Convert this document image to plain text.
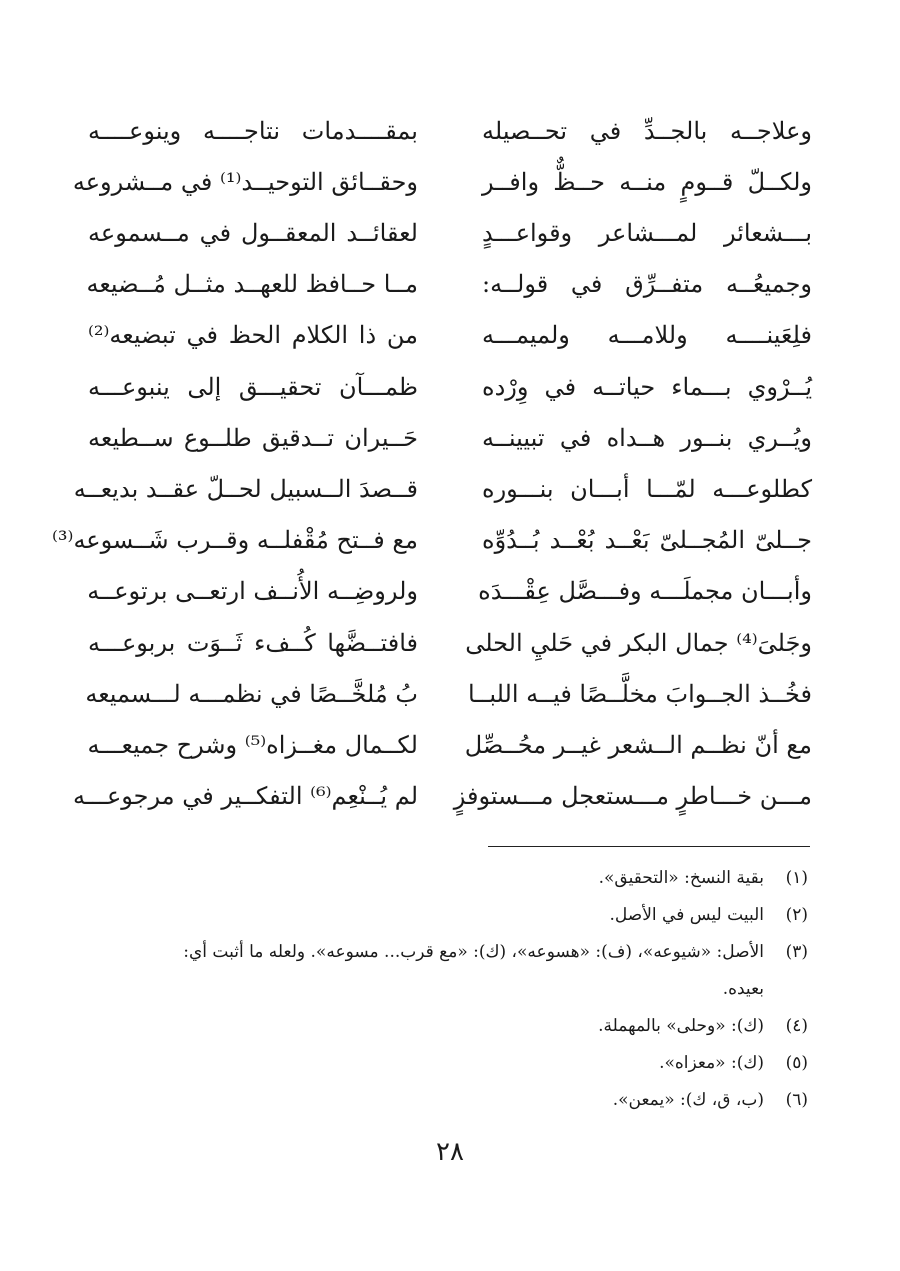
وعلاجــه بالجــدِّ في تحــصيله
بمقــــدمات نتاجــــه وينوعــــه
ولكــلّ قــومٍ منــه حــظٌّ وافــر
وحقــائق التوحيــد⁽¹⁾ في مــشروعه
بـــشعائر لمـــشاعر وقواعـــدٍ
لعقائــد المعقــول في مــسموعه
وجميعُــه متفــرِّق في قولــه:
مــا حــافظ للعهــد مثــل مُــضيعه
فلِعَينــــه وللامـــه ولميمـــه
من ذا الكلام الحظ في تبضيعه⁽²⁾
يُــرْوي بـــماء حياتــه في وِرْده
ظمـــآن تحقيـــق إلى ينبوعـــه
ويُــري بنــور هــداه في تبيينــه
حَــيران تــدقيق طلــوع ســطيعه
كطلوعـــه لمّـــا أبـــان بنـــوره
قــصدَ الــسبيل لحــلّ عقــد بديعــه
جــلىّ المُجــلىّ بَعْــد بُعْــد بُــدُوِّه
مع فــتح مُقْفلــه وقــرب شَــسوعه⁽³⁾
وأبـــان مجملَـــه وفـــصَّل عِقْـــدَه
ولروضِــه الأُنــف ارتعــى برتوعــه
وجَلىَ⁽⁴⁾ جمال البكر في حَليِ الحلى
فافتــضَّها كُــفء ثَــوَت بربوعـــه
فخُــذ الجــوابَ مخلَّــصًا فيــه اللبــا
بُ مُلخَّــصًا في نظمـــه لـــسميعه
مع أنّ نظــم الــشعر غيــر محُــصِّل
لكــمال مغــزاه⁽⁵⁾ وشرح جميعـــه
مـــن خـــاطرٍ مـــستعجل مـــستوفزٍ
لم يُــنْعِم⁽⁶⁾ التفكــير في مرجوعـــه
(١)
بقية النسخ: «التحقيق».
(٢)
البيت ليس في الأصل.
(٣)
الأصل: «شيوعه»، (ف): «هسوعه»، (ك): «مع قرب... مسوعه». ولعله ما أثبت أي:
بعيده.
(٤)
(ك): «وحلى» بالمهملة.
(٥)
(ك): «معزاه».
(٦)
(ب، ق، ك): «يمعن».
٢٨
